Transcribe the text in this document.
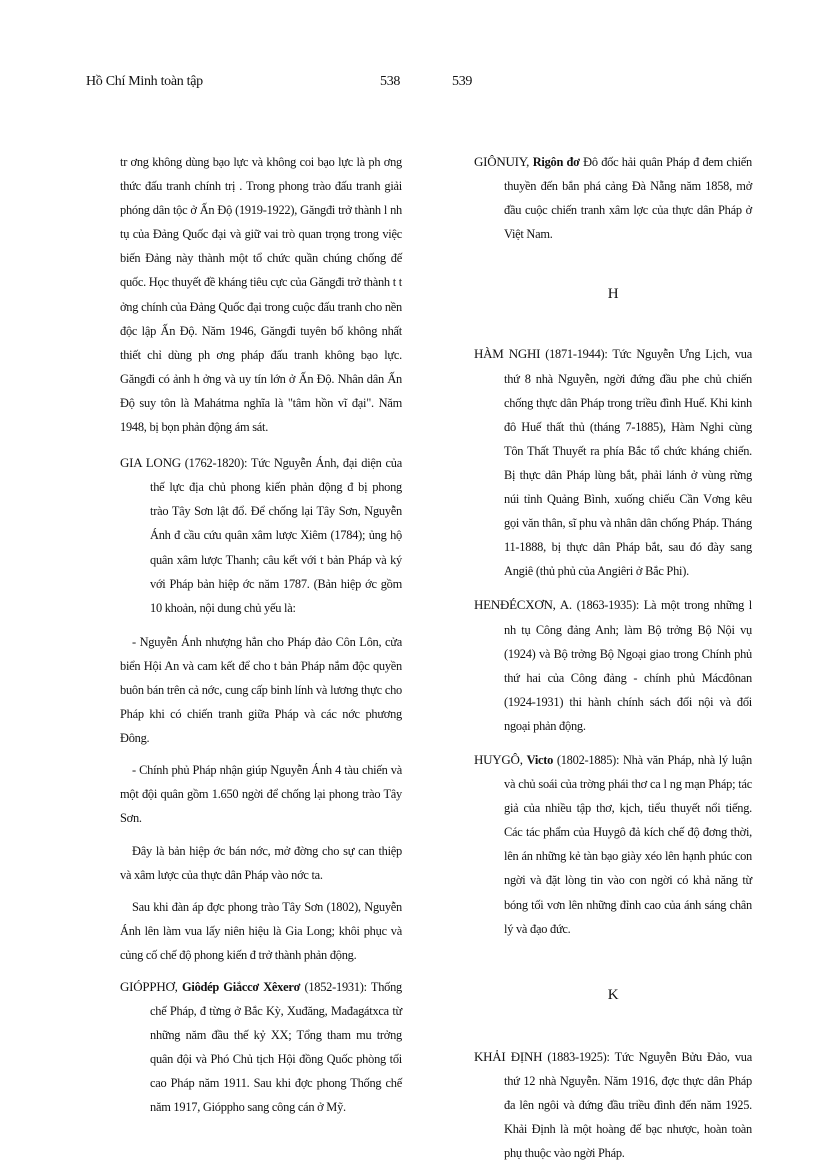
Hồ Chí Minh toàn tập	538	539

tr ơng không dùng bạo lực và không coi bạo lực là ph ơng thức đấu tranh chính trị . Trong phong trào đấu tranh giải phóng dân tộc ở Ấn Độ (1919-1922), Găngđi trở thành l nh tụ của Đảng Quốc đại và giữ vai trò quan trọng trong việc biến Đảng này thành một tổ chức quần chúng chống đế quốc. Học thuyết đề kháng tiêu cực của Găngđi trở thành t t ởng chính của Đảng Quốc đại trong cuộc đấu tranh cho nền độc lập Ấn Độ. Năm 1946, Găngđi tuyên bố không nhất thiết chỉ dùng ph ơng pháp đấu tranh không bạo lực. Găngđi có ảnh h ởng và uy tín lớn ở Ấn Độ. Nhân dân Ấn Độ suy tôn là Mahátma nghĩa là "tâm hồn vĩ đại". Năm 1948, bị bọn phản động ám sát.

GIA LONG (1762-1820): Tức Nguyễn Ánh, đại diện của thế lực địa chủ phong kiến phản động đ bị phong trào Tây Sơn lật đổ. Để chống lại Tây Sơn, Nguyễn Ánh đ cầu cứu quân xâm lược Xiêm (1784); ủng hộ quân xâm lược Thanh; câu kết với t bản Pháp và ký với Pháp bản hiệp ớc năm 1787. (Bản hiệp ớc gồm 10 khoản, nội dung chủ yếu là:

- Nguyễn Ánh nhượng hẳn cho Pháp đảo Côn Lôn, cửa biển Hội An và cam kết để cho t bản Pháp nắm độc quyền buôn bán trên cả nớc, cung cấp binh lính và lương thực cho Pháp khi có chiến tranh giữa Pháp và các nớc phương Đông.

- Chính phủ Pháp nhận giúp Nguyễn Ánh 4 tàu chiến và một đội quân gồm 1.650 ngời để chống lại phong trào Tây Sơn.

Đây là bản hiệp ớc bán nớc, mở đờng cho sự can thiệp và xâm lược của thực dân Pháp vào nớc ta.

Sau khi đàn áp đợc phong trào Tây Sơn (1802), Nguyễn Ánh lên làm vua lấy niên hiệu là Gia Long; khôi phục và củng cố chế độ phong kiến đ trở thành phản động.

GIÓPPHƠ, Giôdép Giắccơ Xêxerơ (1852-1931): Thống chế Pháp, đ từng ở Bắc Kỳ, Xuđăng, Mađagátxca từ những năm đầu thế kỷ XX; Tổng tham mu trởng quân đội và Phó Chủ tịch Hội đồng Quốc phòng tối cao Pháp năm 1911. Sau khi đợc phong Thống chế năm 1917, Gióppho sang công cán ở Mỹ.

GIÔNUIY, Rigôn đơ Đô đốc hải quân Pháp đ đem chiến thuyền đến bắn phá cảng Đà Nẵng năm 1858, mở đầu cuộc chiến tranh xâm lợc của thực dân Pháp ở Việt Nam.

H

HÀM NGHI (1871-1944): Tức Nguyễn Ưng Lịch, vua thứ 8 nhà Nguyễn, ngời đứng đầu phe chủ chiến chống thực dân Pháp trong triều đình Huế. Khi kinh đô Huế thất thủ (tháng 7-1885), Hàm Nghi cùng Tôn Thất Thuyết ra phía Bắc tổ chức kháng chiến. Bị thực dân Pháp lùng bắt, phải lánh ở vùng rừng núi tỉnh Quảng Bình, xuống chiếu Cần Vơng kêu gọi văn thân, sĩ phu và nhân dân chống Pháp. Tháng 11-1888, bị thực dân Pháp bắt, sau đó đày sang Angiê (thủ phủ của Angiêri ở Bắc Phi).

HENĐÉCXƠN, A. (1863-1935): Là một trong những l nh tụ Công đảng Anh; làm Bộ trởng Bộ Nội vụ (1924) và Bộ trởng Bộ Ngoại giao trong Chính phủ thứ hai của Công đảng - chính phủ Mácđônan (1924-1931) thi hành chính sách đối nội và đối ngoại phản động.

HUYGÔ, Victo (1802-1885): Nhà văn Pháp, nhà lý luận và chủ soái của trờng phái thơ ca l ng mạn Pháp; tác giả của nhiều tập thơ, kịch, tiểu thuyết nổi tiếng. Các tác phẩm của Huygô đả kích chế độ đơng thời, lên án những kẻ tàn bạo giày xéo lên hạnh phúc con ngời và đặt lòng tin vào con ngời có khả năng từ bóng tối vơn lên những đỉnh cao của ánh sáng chân lý và đạo đức.

K

KHẢI ĐỊNH (1883-1925): Tức Nguyễn Bửu Đảo, vua thứ 12 nhà Nguyễn. Năm 1916, đợc thực dân Pháp đa lên ngôi và đứng đầu triều đình đến năm 1925. Khải Định là một hoàng đế bạc nhược, hoàn toàn phụ thuộc vào ngời Pháp.
